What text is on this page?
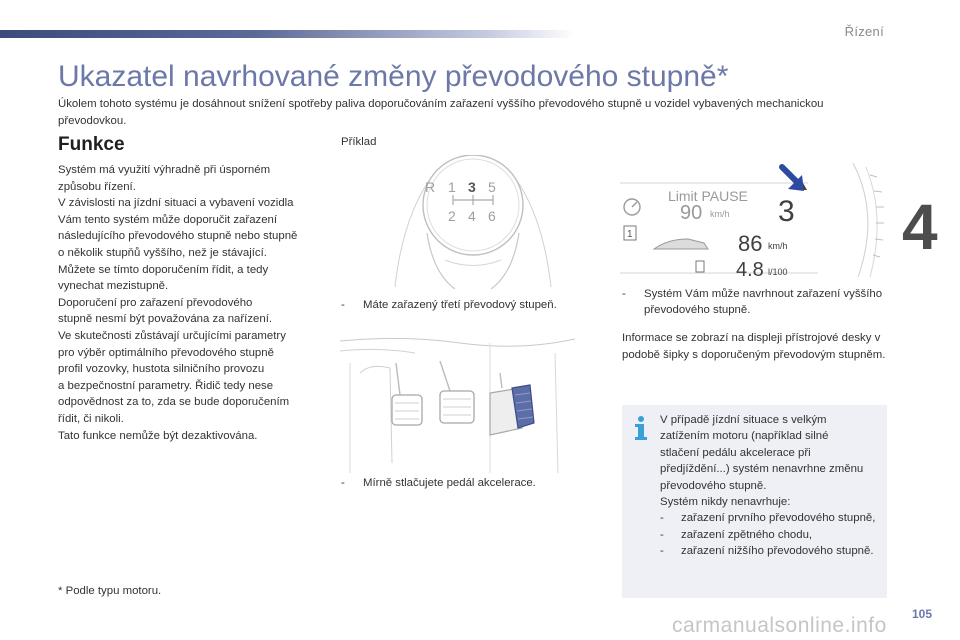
Řízení
4
Ukazatel navrhované změny převodového stupně*

Úkolem tohoto systému je dosáhnout snížení spotřeby paliva doporučováním zařazení vyššího převodového stupně u vozidel vybavených mechanickou převodovkou.

Funkce

Systém má využití výhradně při úsporném

způsobu řízení.

V závislosti na jízdní situaci a vybavení vozidla

Vám tento systém může doporučit zařazení

následujícího převodového stupně nebo stupně

o několik stupňů vyššího, než je stávající.

Můžete se tímto doporučením řídit, a tedy

vynechat mezistupně.

Doporučení pro zařazení převodového

stupně nesmí být považována za nařízení.

Ve skutečnosti zůstávají určujícími parametry

pro výběr optimálního převodového stupně

profil vozovky, hustota silničního provozu

a bezpečnostní parametry. Řidič tedy nese

odpovědnost za to, zda se bude doporučením

řídit, či nikoli.

Tato funkce nemůže být dezaktivována.

Příklad
R 1 3 5
2 4 6
-	Máte zařazený třetí převodový stupeň.
-	Mírně stlačujete pedál akcelerace.
Limit PAUSE
90 km/h 3
1	86 km/h
4.8 l/100
-	Systém Vám může navrhnout zařazení vyššího převodového stupně.

Informace se zobrazí na displeji přístrojové desky v podobě šipky s doporučeným převodovým stupněm.

V případě jízdní situace s velkým
zatížením motoru (například silné
stlačení pedálu akcelerace při
předjíždění...) systém nenavrhne změnu
převodového stupně.
Systém nikdy nenavrhuje:
-	zařazení prvního převodového stupně,
-	zařazení zpětného chodu,
-	zařazení nižšího převodového stupně.
* Podle typu motoru.
105
carmanualsonline.info
